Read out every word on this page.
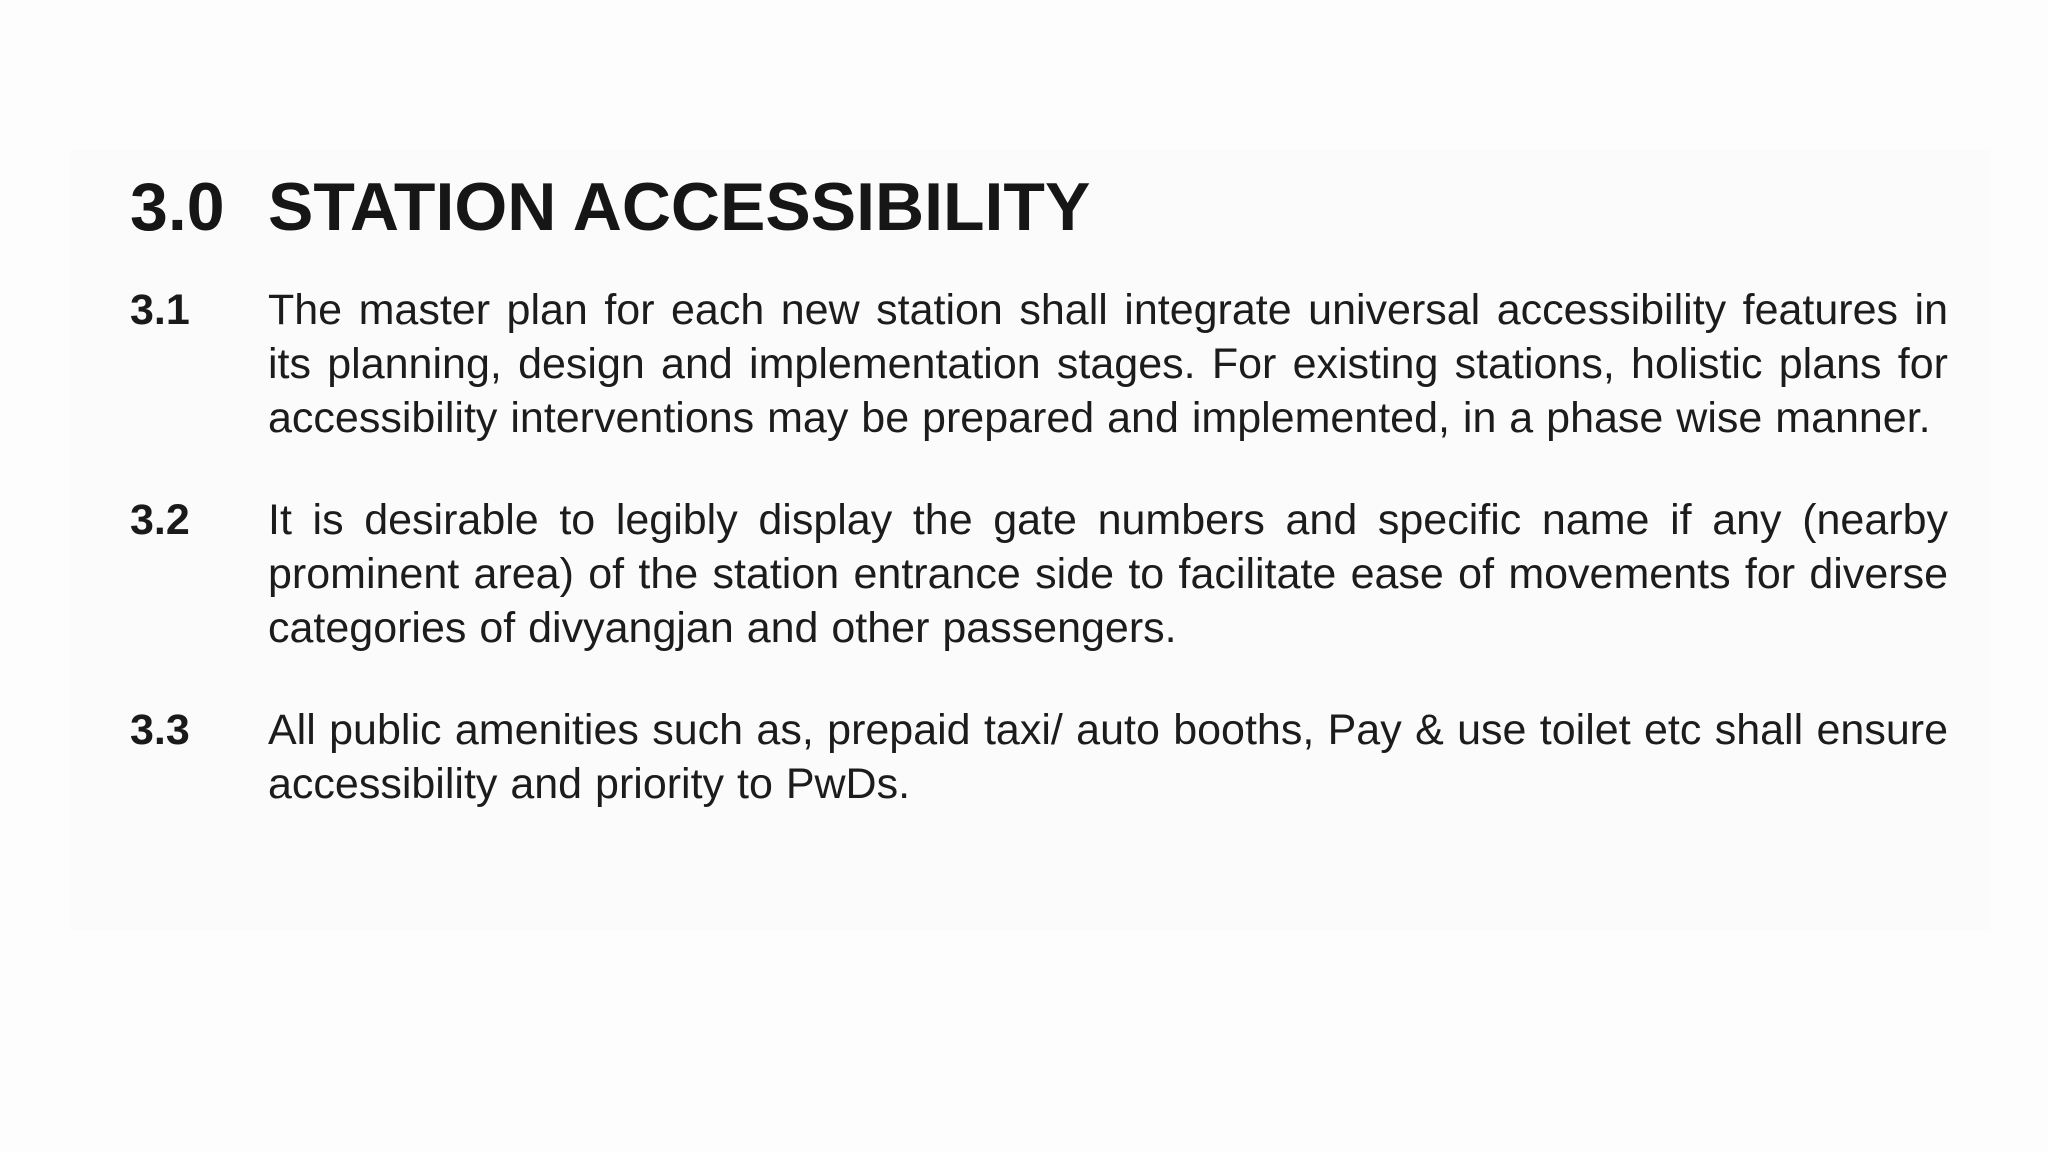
3.0 STATION ACCESSIBILITY
3.1	The master plan for each new station shall integrate universal accessibility features in its planning, design and implementation stages. For existing stations, holistic plans for accessibility interventions may be prepared and implemented, in a phase wise manner.
3.2	It is desirable to legibly display the gate numbers and specific name if any (nearby prominent area) of the station entrance side to facilitate ease of movements for diverse categories of divyangjan and other passengers.
3.3	All public amenities such as, prepaid taxi/ auto booths, Pay & use toilet etc shall ensure accessibility and priority to PwDs.
